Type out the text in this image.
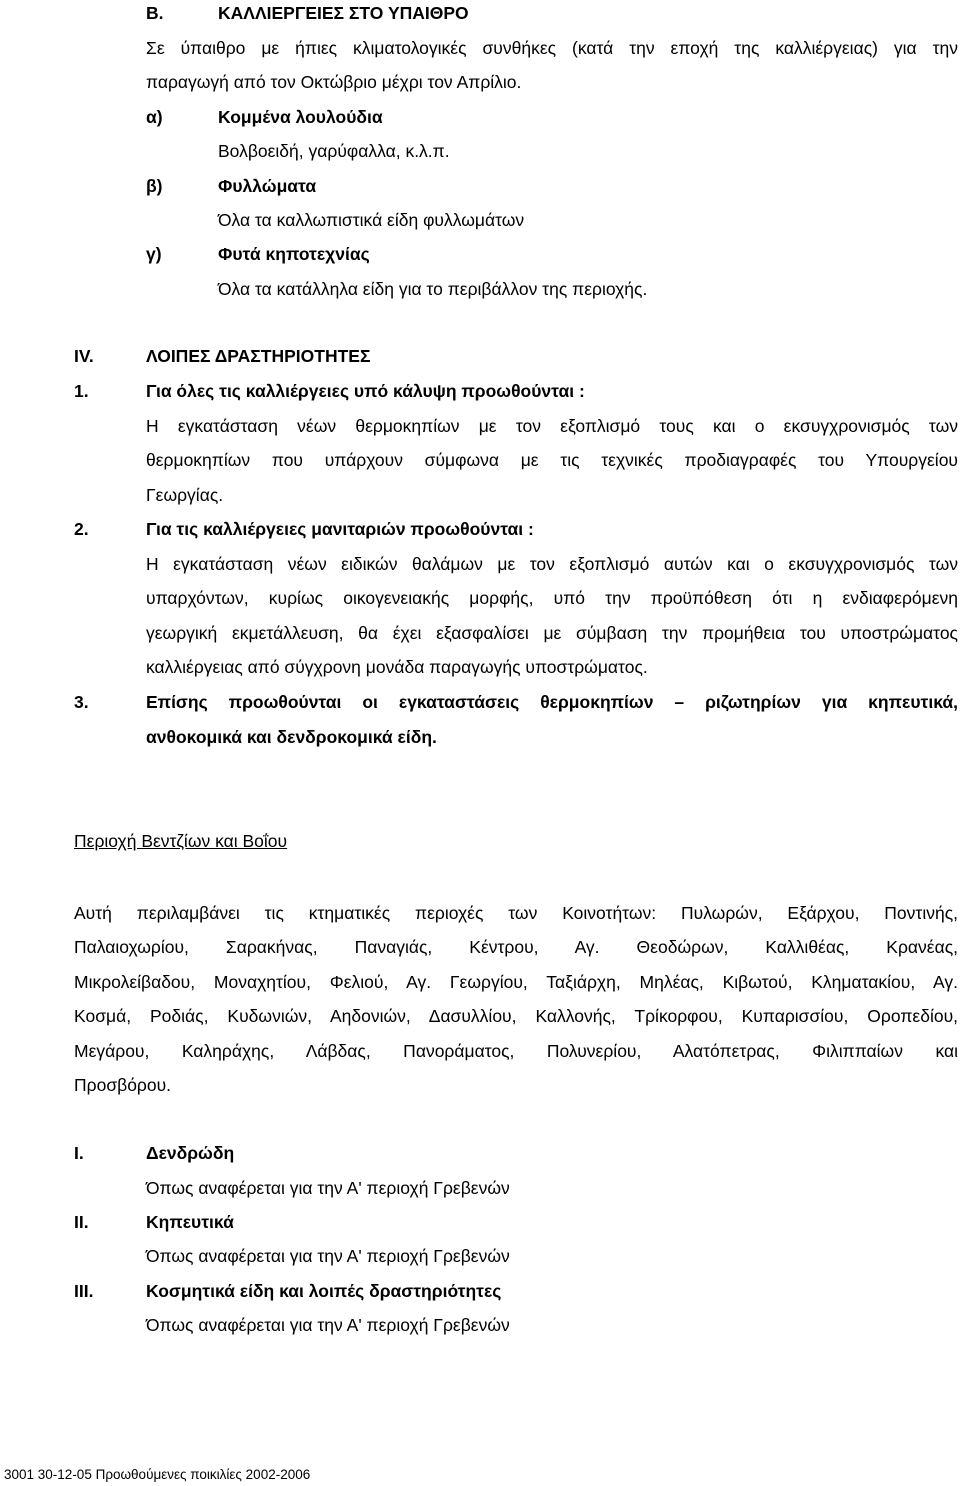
Β.	ΚΑΛΛΙΕΡΓΕΙΕΣ ΣΤΟ ΥΠΑΙΘΡΟ
Σε ύπαιθρο με ήπιες κλιματολογικές συνθήκες (κατά την εποχή της καλλιέργειας) για την
παραγωγή από τον Οκτώβριο μέχρι τον Απρίλιο.
α)	Κομμένα λουλούδια
Βολβοειδή, γαρύφαλλα, κ.λ.π.
β)	Φυλλώματα
Όλα τα καλλωπιστικά είδη φυλλωμάτων
γ)	Φυτά κηποτεχνίας
Όλα τα κατάλληλα είδη για το περιβάλλον της περιοχής.
IV.	ΛΟΙΠΕΣ ΔΡΑΣΤΗΡΙΟΤΗΤΕΣ
1.	Για όλες τις καλλιέργειες υπό κάλυψη προωθούνται :
Η εγκατάσταση νέων θερμοκηπίων με τον εξοπλισμό τους και ο εκσυγχρονισμός των
θερμοκηπίων που υπάρχουν σύμφωνα με τις τεχνικές προδιαγραφές του Υπουργείου
Γεωργίας.
2.	Για τις καλλιέργειες μανιταριών προωθούνται :
Η εγκατάσταση νέων ειδικών θαλάμων με τον εξοπλισμό αυτών και ο εκσυγχρονισμός των
υπαρχόντων, κυρίως οικογενειακής μορφής, υπό την προϋπόθεση ότι η ενδιαφερόμενη
γεωργική εκμετάλλευση, θα έχει εξασφαλίσει με σύμβαση την προμήθεια του υποστρώματος
καλλιέργειας από σύγχρονη μονάδα παραγωγής υποστρώματος.
3.	Επίσης προωθούνται οι εγκαταστάσεις θερμοκηπίων – ριζωτηρίων για κηπευτικά,
ανθοκομικά και δενδροκομικά είδη.
Περιοχή Βεντζίων και Βοΐου
Αυτή περιλαμβάνει τις κτηματικές περιοχές των Κοινοτήτων: Πυλωρών, Εξάρχου, Ποντινής,
Παλαιοχωρίου, Σαρακήνας, Παναγιάς, Κέντρου, Αγ. Θεοδώρων, Καλλιθέας, Κρανέας,
Μικρολείβαδου, Μοναχητίου, Φελιού, Αγ. Γεωργίου, Ταξιάρχη, Μηλέας, Κιβωτού, Κληματακίου, Αγ.
Κοσμά, Ροδιάς, Κυδωνιών, Αηδονιών, Δασυλλίου, Καλλονής, Τρίκορφου, Κυπαρισσίου, Οροπεδίου,
Μεγάρου, Καληράχης, Λάβδας, Πανοράματος, Πολυνερίου, Αλατόπετρας, Φιλιππαίων και
Προσβόρου.
I.	Δενδρώδη
Όπως αναφέρεται για την Α' περιοχή Γρεβενών
II.	Κηπευτικά
Όπως αναφέρεται για την Α' περιοχή Γρεβενών
III.	Κοσμητικά είδη και λοιπές δραστηριότητες
Όπως αναφέρεται για την Α' περιοχή Γρεβενών
3001 30-12-05 Προωθούμενες ποικιλίες 2002-2006
